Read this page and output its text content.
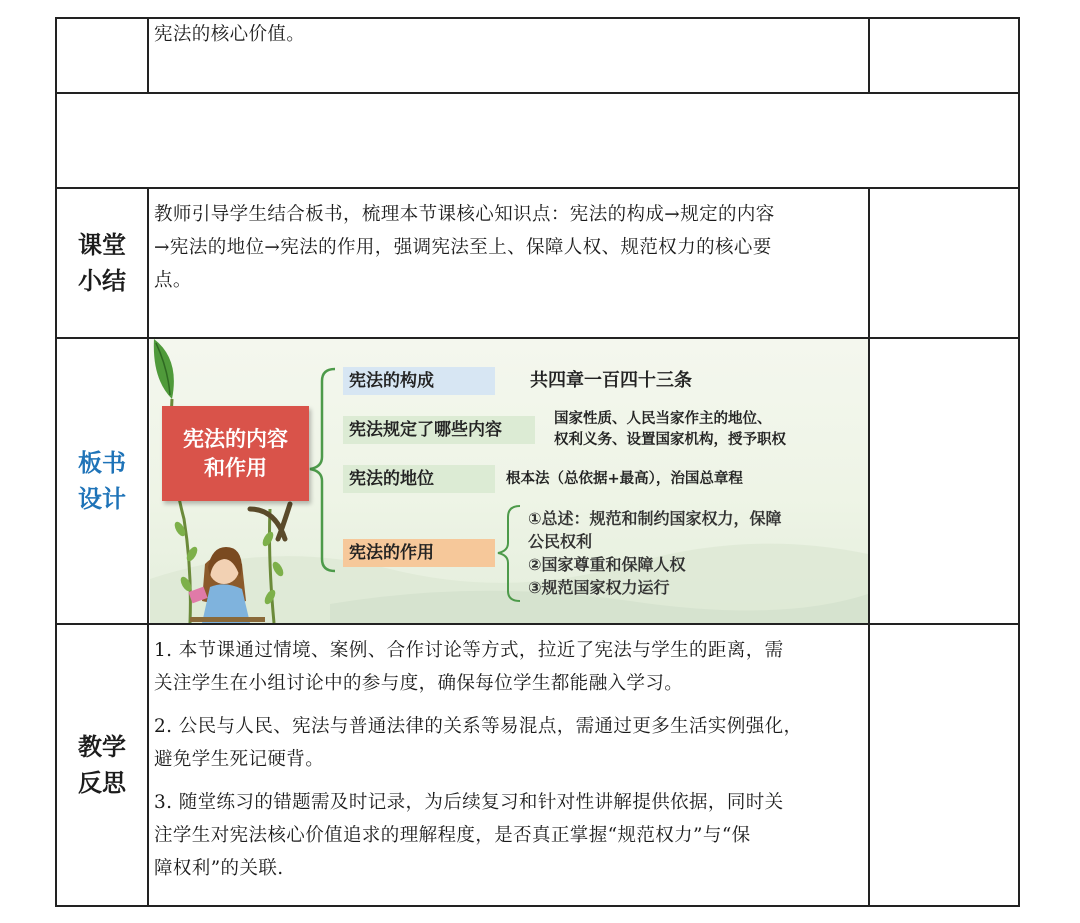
宪法的核心价值。

课堂
小结

教师引导学生结合板书，梳理本节课核心知识点：宪法的构成→规定的内容

→宪法的地位→宪法的作用，强调宪法至上、保障人权、规范权力的核心要

点。

板书
设计
宪法的内容
和作用
宪法的构成	共四章一百四十三条
宪法规定了哪些内容
国家性质、人民当家作主的地位、
权利义务、设置国家机构，授予职权
宪法的地位	根本法（总依据+最高），治国总章程
宪法的作用
①总述：规范和制约国家权力，保障
公民权利
②国家尊重和保障人权
③规范国家权力运行
教学
反思

1. 本节课通过情境、案例、合作讨论等方式，拉近了宪法与学生的距离，需

关注学生在小组讨论中的参与度，确保每位学生都能融入学习。

2. 公民与人民、宪法与普通法律的关系等易混点，需通过更多生活实例强化，

避免学生死记硬背。

3. 随堂练习的错题需及时记录，为后续复习和针对性讲解提供依据，同时关

注学生对宪法核心价值追求的理解程度，是否真正掌握“规范权力”与“保

障权利”的关联.
